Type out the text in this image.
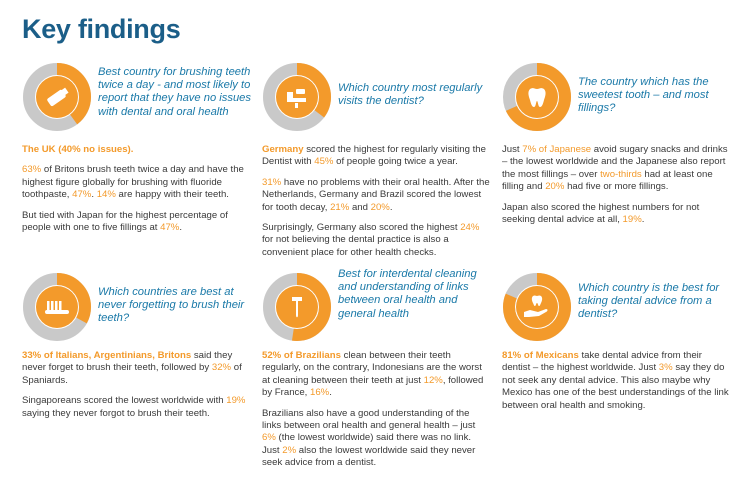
Key findings
Best country for brushing teeth twice a day - and most likely to report that they have no issues with dental and oral health

The UK (40% no issues).

63% of Britons brush teeth twice a day and have the highest figure globally for brushing with fluoride toothpaste, 47%. 14% are happy with their teeth.

But tied with Japan for the highest percentage of people with one to five fillings at 47%.

Which country most regularly visits the dentist?

Germany scored the highest for regularly visiting the Dentist with 45% of people going twice a year.

31% have no problems with their oral health. After the Netherlands, Germany and Brazil scored the lowest for tooth decay, 21% and 20%.

Surprisingly, Germany also scored the highest 24% for not believing the dental practice is also a convenient place for other health checks.

The country which has the sweetest tooth – and most fillings?

Just 7% of Japanese avoid sugary snacks and drinks – the lowest worldwide and the Japanese also report the most fillings – over two-thirds had at least one filling and 20% had five or more fillings.

Japan also scored the highest numbers for not seeking dental advice at all, 19%.

Which countries are best at never forgetting to brush their teeth?

33% of Italians, Argentinians, Britons said they never forget to brush their teeth, followed by 32% of Spaniards.

Singaporeans scored the lowest worldwide with 19% saying they never forgot to brush their teeth.

Best for interdental cleaning and understanding of links between oral health and general health

52% of Brazilians clean between their teeth regularly, on the contrary, Indonesians are the worst at cleaning between their teeth at just 12%, followed by France, 16%.

Brazilians also have a good understanding of the links between oral health and general health – just 6% (the lowest worldwide) said there was no link. Just 2% also the lowest worldwide said they never seek advice from a dentist.

Which country is the best for taking dental advice from a dentist?

81% of Mexicans take dental advice from their dentist – the highest worldwide. Just 3% say they do not seek any dental advice. This also maybe why Mexico has one of the best understandings of the link between oral health and smoking.
